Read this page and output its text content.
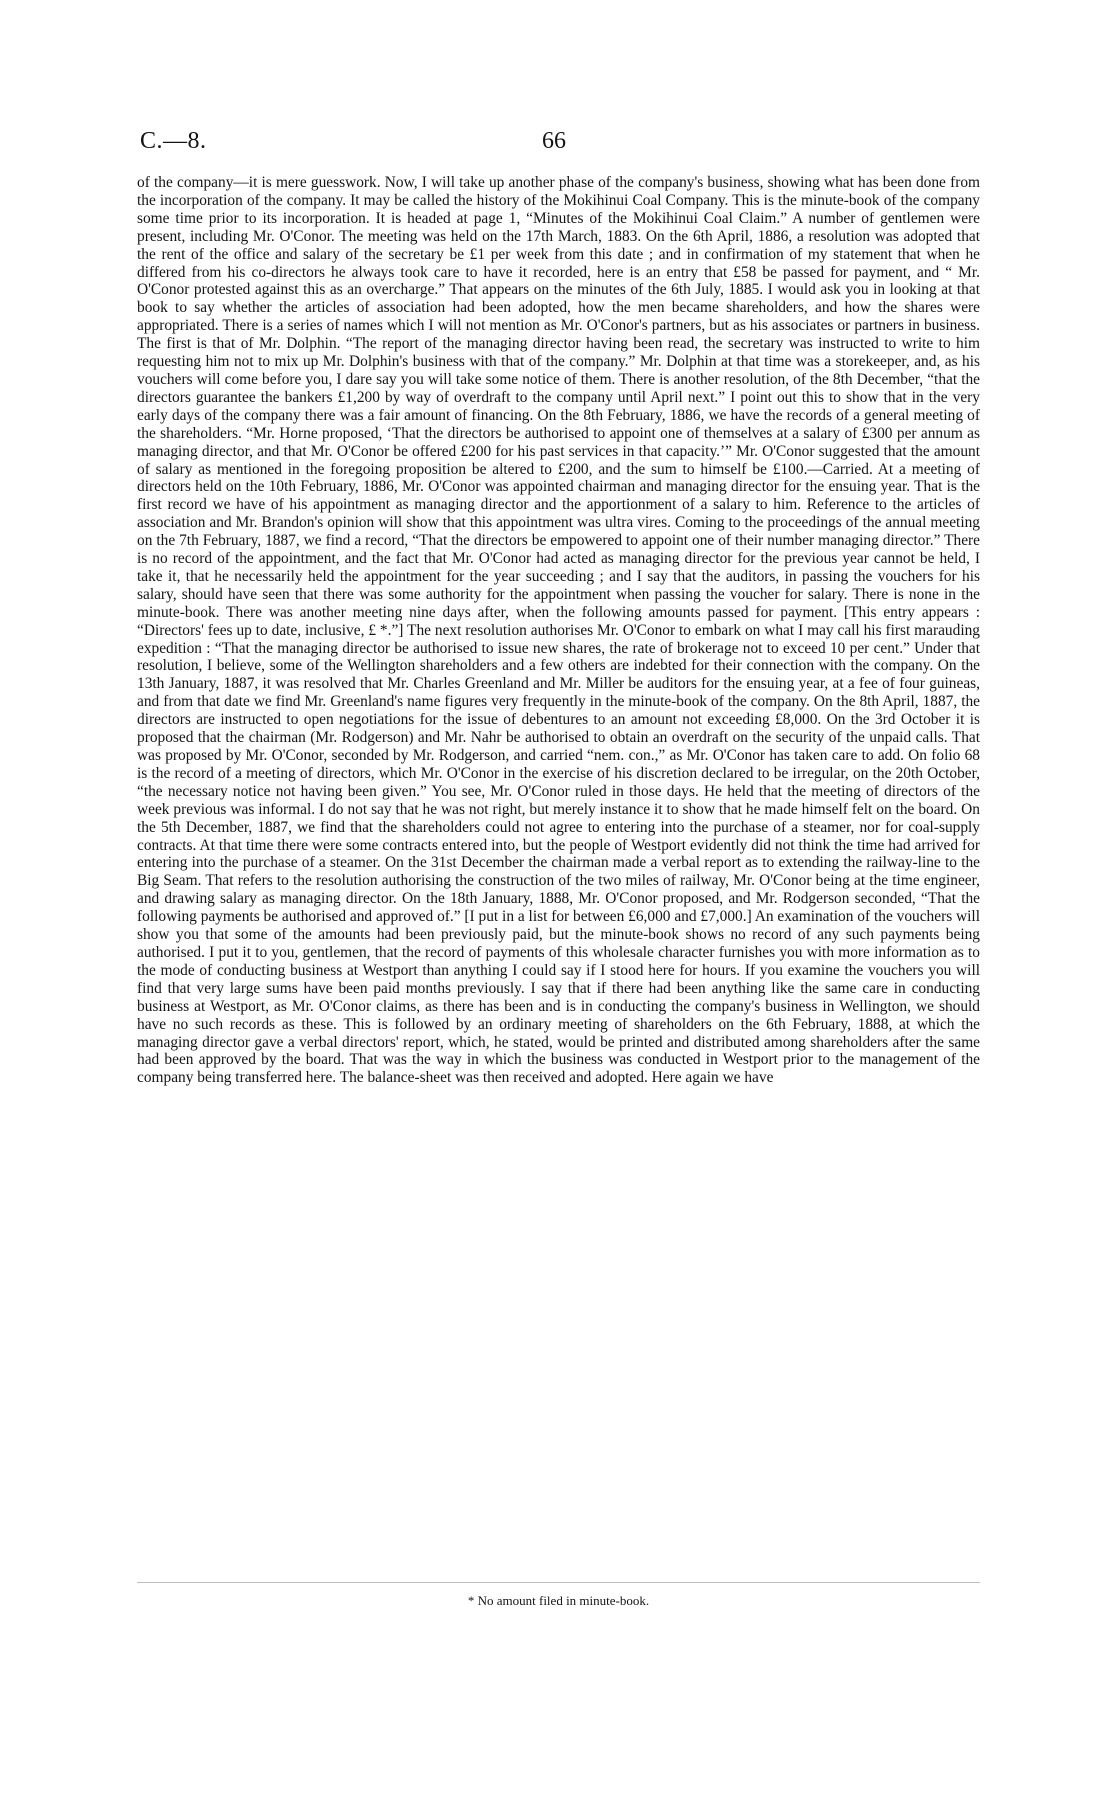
C.—8.	66

of the company—it is mere guesswork. Now, I will take up another phase of the company's business, showing what has been done from the incorporation of the company. It may be called the history of the Mokihinui Coal Company. This is the minute-book of the company some time prior to its incorporation. It is headed at page 1, “Minutes of the Mokihinui Coal Claim.” A number of gentlemen were present, including Mr. O'Conor. The meeting was held on the 17th March, 1883. On the 6th April, 1886, a resolution was adopted that the rent of the office and salary of the secretary be £1 per week from this date ; and in confirmation of my statement that when he differed from his co-directors he always took care to have it recorded, here is an entry that £58 be passed for payment, and “ Mr. O'Conor protested against this as an overcharge.” That appears on the minutes of the 6th July, 1885. I would ask you in looking at that book to say whether the articles of association had been adopted, how the men became shareholders, and how the shares were appropriated. There is a series of names which I will not mention as Mr. O'Conor's partners, but as his associates or partners in business. The first is that of Mr. Dolphin. “The report of the managing director having been read, the secretary was instructed to write to him requesting him not to mix up Mr. Dolphin's business with that of the company.” Mr. Dolphin at that time was a storekeeper, and, as his vouchers will come before you, I dare say you will take some notice of them. There is another resolution, of the 8th December, “that the directors guarantee the bankers £1,200 by way of overdraft to the company until April next.” I point out this to show that in the very early days of the company there was a fair amount of financing. On the 8th February, 1886, we have the records of a general meeting of the shareholders. “Mr. Horne proposed, ‘That the directors be authorised to appoint one of themselves at a salary of £300 per annum as managing director, and that Mr. O'Conor be offered £200 for his past services in that capacity.’” Mr. O'Conor suggested that the amount of salary as mentioned in the foregoing proposition be altered to £200, and the sum to himself be £100.—Carried. At a meeting of directors held on the 10th February, 1886, Mr. O'Conor was appointed chairman and managing director for the ensuing year. That is the first record we have of his appointment as managing director and the apportionment of a salary to him. Reference to the articles of association and Mr. Brandon's opinion will show that this appointment was ultra vires. Coming to the proceedings of the annual meeting on the 7th February, 1887, we find a record, “That the directors be empowered to appoint one of their number managing director.” There is no record of the appointment, and the fact that Mr. O'Conor had acted as managing director for the previous year cannot be held, I take it, that he necessarily held the appointment for the year succeeding ; and I say that the auditors, in passing the vouchers for his salary, should have seen that there was some authority for the appointment when passing the voucher for salary. There is none in the minute-book. There was another meeting nine days after, when the following amounts passed for payment. [This entry appears : “Directors' fees up to date, inclusive, £ *.”] The next resolution authorises Mr. O'Conor to embark on what I may call his first marauding expedition : “That the managing director be authorised to issue new shares, the rate of brokerage not to exceed 10 per cent.” Under that resolution, I believe, some of the Wellington shareholders and a few others are indebted for their connection with the company. On the 13th January, 1887, it was resolved that Mr. Charles Greenland and Mr. Miller be auditors for the ensuing year, at a fee of four guineas, and from that date we find Mr. Greenland's name figures very frequently in the minute-book of the company. On the 8th April, 1887, the directors are instructed to open negotiations for the issue of debentures to an amount not exceeding £8,000. On the 3rd October it is proposed that the chairman (Mr. Rodgerson) and Mr. Nahr be authorised to obtain an overdraft on the security of the unpaid calls. That was proposed by Mr. O'Conor, seconded by Mr. Rodgerson, and carried “nem. con.,” as Mr. O'Conor has taken care to add. On folio 68 is the record of a meeting of directors, which Mr. O'Conor in the exercise of his discretion declared to be irregular, on the 20th October, “the necessary notice not having been given.” You see, Mr. O'Conor ruled in those days. He held that the meeting of directors of the week previous was informal. I do not say that he was not right, but merely instance it to show that he made himself felt on the board. On the 5th December, 1887, we find that the shareholders could not agree to entering into the purchase of a steamer, nor for coal-supply contracts. At that time there were some contracts entered into, but the people of Westport evidently did not think the time had arrived for entering into the purchase of a steamer. On the 31st December the chairman made a verbal report as to extending the railway-line to the Big Seam. That refers to the resolution authorising the construction of the two miles of railway, Mr. O'Conor being at the time engineer, and drawing salary as managing director. On the 18th January, 1888, Mr. O'Conor proposed, and Mr. Rodgerson seconded, “That the following payments be authorised and approved of.” [I put in a list for between £6,000 and £7,000.] An examination of the vouchers will show you that some of the amounts had been previously paid, but the minute-book shows no record of any such payments being authorised. I put it to you, gentlemen, that the record of payments of this wholesale character furnishes you with more information as to the mode of conducting business at Westport than anything I could say if I stood here for hours. If you examine the vouchers you will find that very large sums have been paid months previously. I say that if there had been anything like the same care in conducting business at Westport, as Mr. O'Conor claims, as there has been and is in conducting the company's business in Wellington, we should have no such records as these. This is followed by an ordinary meeting of shareholders on the 6th February, 1888, at which the managing director gave a verbal directors' report, which, he stated, would be printed and distributed among shareholders after the same had been approved by the board. That was the way in which the business was conducted in Westport prior to the management of the company being transferred here. The balance-sheet was then received and adopted. Here again we have

* No amount filed in minute-book.
